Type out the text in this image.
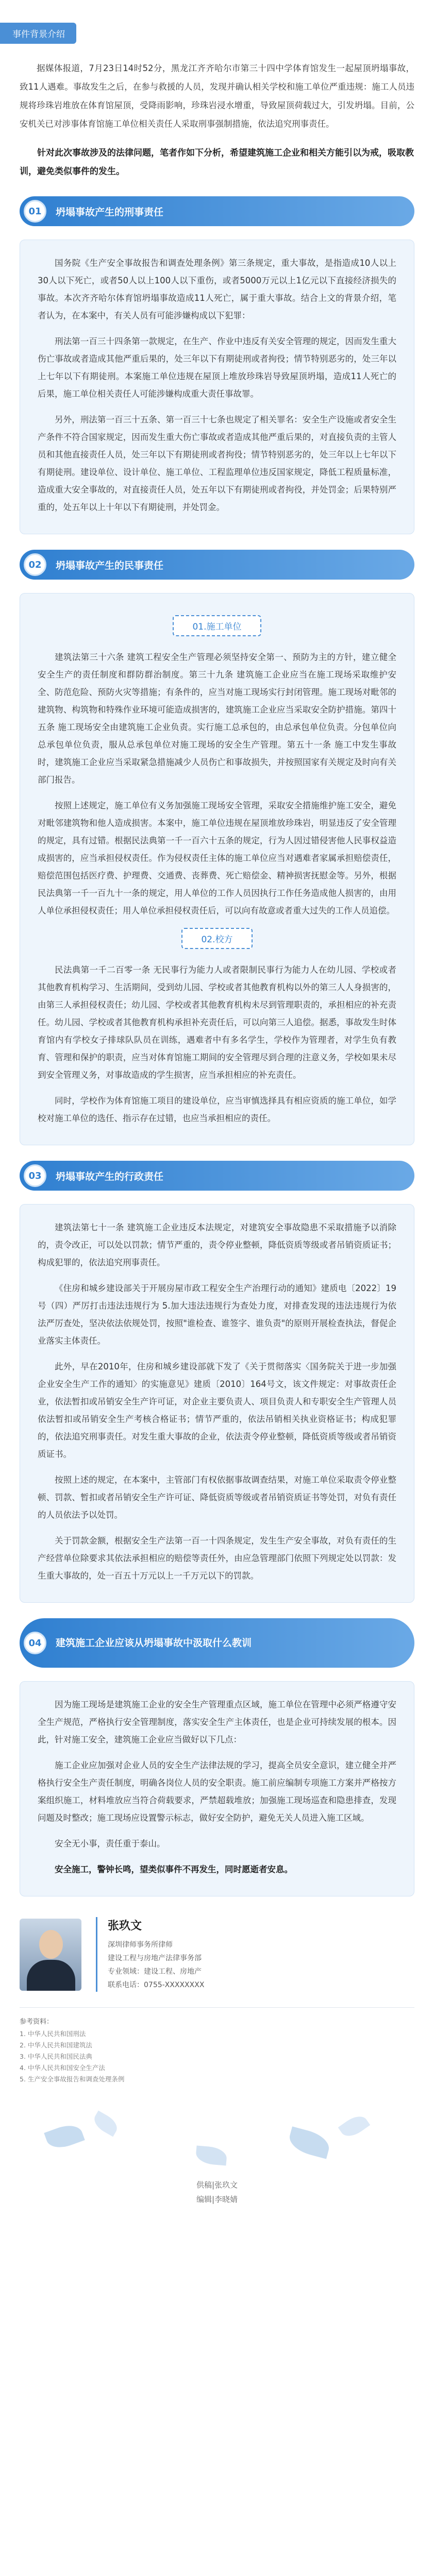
事件背景介绍

据媒体报道，7月23日14时52分，黑龙江齐齐哈尔市第三十四中学体育馆发生一起屋顶坍塌事故，致11人遇难。事故发生之后，在参与救援的人员，发现并确认相关学校和施工单位严重违规：施工人员违规将珍珠岩堆放在体育馆屋顶，受降雨影响，珍珠岩浸水增重，导致屋顶荷载过大，引发坍塌。目前，公安机关已对涉事体育馆施工单位相关责任人采取刑事强制措施，依法追究刑事责任。

针对此次事故涉及的法律问题，笔者作如下分析，希望建筑施工企业和相关方能引以为戒，吸取教训，避免类似事件的发生。

01	坍塌事故产生的刑事责任

国务院《生产安全事故报告和调查处理条例》第三条规定，重大事故，是指造成10人以上30人以下死亡，或者50人以上100人以下重伤，或者5000万元以上1亿元以下直接经济损失的事故。本次齐齐哈尔体育馆坍塌事故造成11人死亡，属于重大事故。结合上文的背景介绍，笔者认为，在本案中，有关人员有可能涉嫌构成以下犯罪：

刑法第一百三十四条第一款规定，在生产、作业中违反有关安全管理的规定，因而发生重大伤亡事故或者造成其他严重后果的，处三年以下有期徒刑或者拘役；情节特别恶劣的，处三年以上七年以下有期徒刑。本案施工单位违规在屋顶上堆放珍珠岩导致屋顶坍塌，造成11人死亡的后果，施工单位相关责任人可能涉嫌构成重大责任事故罪。

另外，刑法第一百三十五条、第一百三十七条也规定了相关罪名：安全生产设施或者安全生产条件不符合国家规定，因而发生重大伤亡事故或者造成其他严重后果的，对直接负责的主管人员和其他直接责任人员，处三年以下有期徒刑或者拘役；情节特别恶劣的，处三年以上七年以下有期徒刑。建设单位、设计单位、施工单位、工程监理单位违反国家规定，降低工程质量标准，造成重大安全事故的，对直接责任人员，处五年以下有期徒刑或者拘役，并处罚金；后果特别严重的，处五年以上十年以下有期徒刑，并处罚金。

02	坍塌事故产生的民事责任
01.施工单位

建筑法第三十六条 建筑工程安全生产管理必须坚持安全第一、预防为主的方针，建立健全安全生产的责任制度和群防群治制度。第三十九条 建筑施工企业应当在施工现场采取维护安全、防范危险、预防火灾等措施；有条件的，应当对施工现场实行封闭管理。施工现场对毗邻的建筑物、构筑物和特殊作业环境可能造成损害的，建筑施工企业应当采取安全防护措施。第四十五条 施工现场安全由建筑施工企业负责。实行施工总承包的，由总承包单位负责。分包单位向总承包单位负责，服从总承包单位对施工现场的安全生产管理。第五十一条 施工中发生事故时，建筑施工企业应当采取紧急措施减少人员伤亡和事故损失，并按照国家有关规定及时向有关部门报告。

按照上述规定，施工单位有义务加强施工现场安全管理，采取安全措施维护施工安全，避免对毗邻建筑物和他人造成损害。本案中，施工单位违规在屋顶堆放珍珠岩，明显违反了安全管理的规定，具有过错。根据民法典第一千一百六十五条的规定，行为人因过错侵害他人民事权益造成损害的，应当承担侵权责任。作为侵权责任主体的施工单位应当对遇难者家属承担赔偿责任，赔偿范围包括医疗费、护理费、交通费、丧葬费、死亡赔偿金、精神损害抚慰金等。另外，根据民法典第一千一百九十一条的规定，用人单位的工作人员因执行工作任务造成他人损害的，由用人单位承担侵权责任；用人单位承担侵权责任后，可以向有故意或者重大过失的工作人员追偿。

02.校方

民法典第一千二百零一条 无民事行为能力人或者限制民事行为能力人在幼儿园、学校或者其他教育机构学习、生活期间，受到幼儿园、学校或者其他教育机构以外的第三人人身损害的，由第三人承担侵权责任；幼儿园、学校或者其他教育机构未尽到管理职责的，承担相应的补充责任。幼儿园、学校或者其他教育机构承担补充责任后，可以向第三人追偿。据悉，事故发生时体育馆内有学校女子排球队队员在训练，遇难者中有多名学生，学校作为管理者，对学生负有教育、管理和保护的职责，应当对体育馆施工期间的安全管理尽到合理的注意义务，学校如果未尽到安全管理义务，对事故造成的学生损害，应当承担相应的补充责任。

同时，学校作为体育馆施工项目的建设单位，应当审慎选择具有相应资质的施工单位，如学校对施工单位的选任、指示存在过错，也应当承担相应的责任。

03	坍塌事故产生的行政责任

建筑法第七十一条 建筑施工企业违反本法规定，对建筑安全事故隐患不采取措施予以消除的，责令改正，可以处以罚款；情节严重的，责令停业整顿，降低资质等级或者吊销资质证书；构成犯罪的，依法追究刑事责任。

《住房和城乡建设部关于开展房屋市政工程安全生产治理行动的通知》建质电〔2022〕19号（四）严厉打击违法违规行为 5.加大违法违规行为查处力度，对排查发现的违法违规行为依法严厉查处，坚决依法依规处罚，按照"谁检查、谁签字、谁负责"的原则开展检查执法，督促企业落实主体责任。

此外，早在2010年，住房和城乡建设部就下发了《关于贯彻落实〈国务院关于进一步加强企业安全生产工作的通知〉的实施意见》建质〔2010〕164号文，该文件规定：对事故责任企业，依法暂扣或吊销安全生产许可证，对企业主要负责人、项目负责人和专职安全生产管理人员依法暂扣或吊销安全生产考核合格证书；情节严重的，依法吊销相关执业资格证书；构成犯罪的，依法追究刑事责任。对发生重大事故的企业，依法责令停业整顿，降低资质等级或者吊销资质证书。

按照上述的规定，在本案中，主管部门有权依据事故调查结果，对施工单位采取责令停业整顿、罚款、暂扣或者吊销安全生产许可证、降低资质等级或者吊销资质证书等处罚，对负有责任的人员依法予以处罚。

关于罚款金额，根据安全生产法第一百一十四条规定，发生生产安全事故，对负有责任的生产经营单位除要求其依法承担相应的赔偿等责任外，由应急管理部门依照下列规定处以罚款：发生重大事故的，处一百五十万元以上一千万元以下的罚款。

04	建筑施工企业应该从坍塌事故中汲取什么教训

因为施工现场是建筑施工企业的安全生产管理重点区域，施工单位在管理中必须严格遵守安全生产规范，严格执行安全管理制度，落实安全生产主体责任，也是企业可持续发展的根本。因此，针对施工安全，建筑施工企业应当做好以下几点：

施工企业应加强对企业人员的安全生产法律法规的学习，提高全员安全意识，建立健全并严格执行安全生产责任制度，明确各岗位人员的安全职责。施工前应编制专项施工方案并严格按方案组织施工，材料堆放应当符合荷载要求，严禁超载堆放；加强施工现场巡查和隐患排查，发现问题及时整改；施工现场应设置警示标志，做好安全防护，避免无关人员进入施工区域。

安全无小事，责任重于泰山。

安全施工，警钟长鸣，望类似事件不再发生，同时愿逝者安息。

张玖文
深圳律师事务所律师
建设工程与房地产法律事务部
专业领域：建设工程、房地产
联系电话：0755-XXXXXXXX
参考资料：
1. 中华人民共和国刑法
2. 中华人民共和国建筑法
3. 中华人民共和国民法典
4. 中华人民共和国安全生产法
5. 生产安全事故报告和调查处理条例
供稿|张玖文
编辑|李晓婧
